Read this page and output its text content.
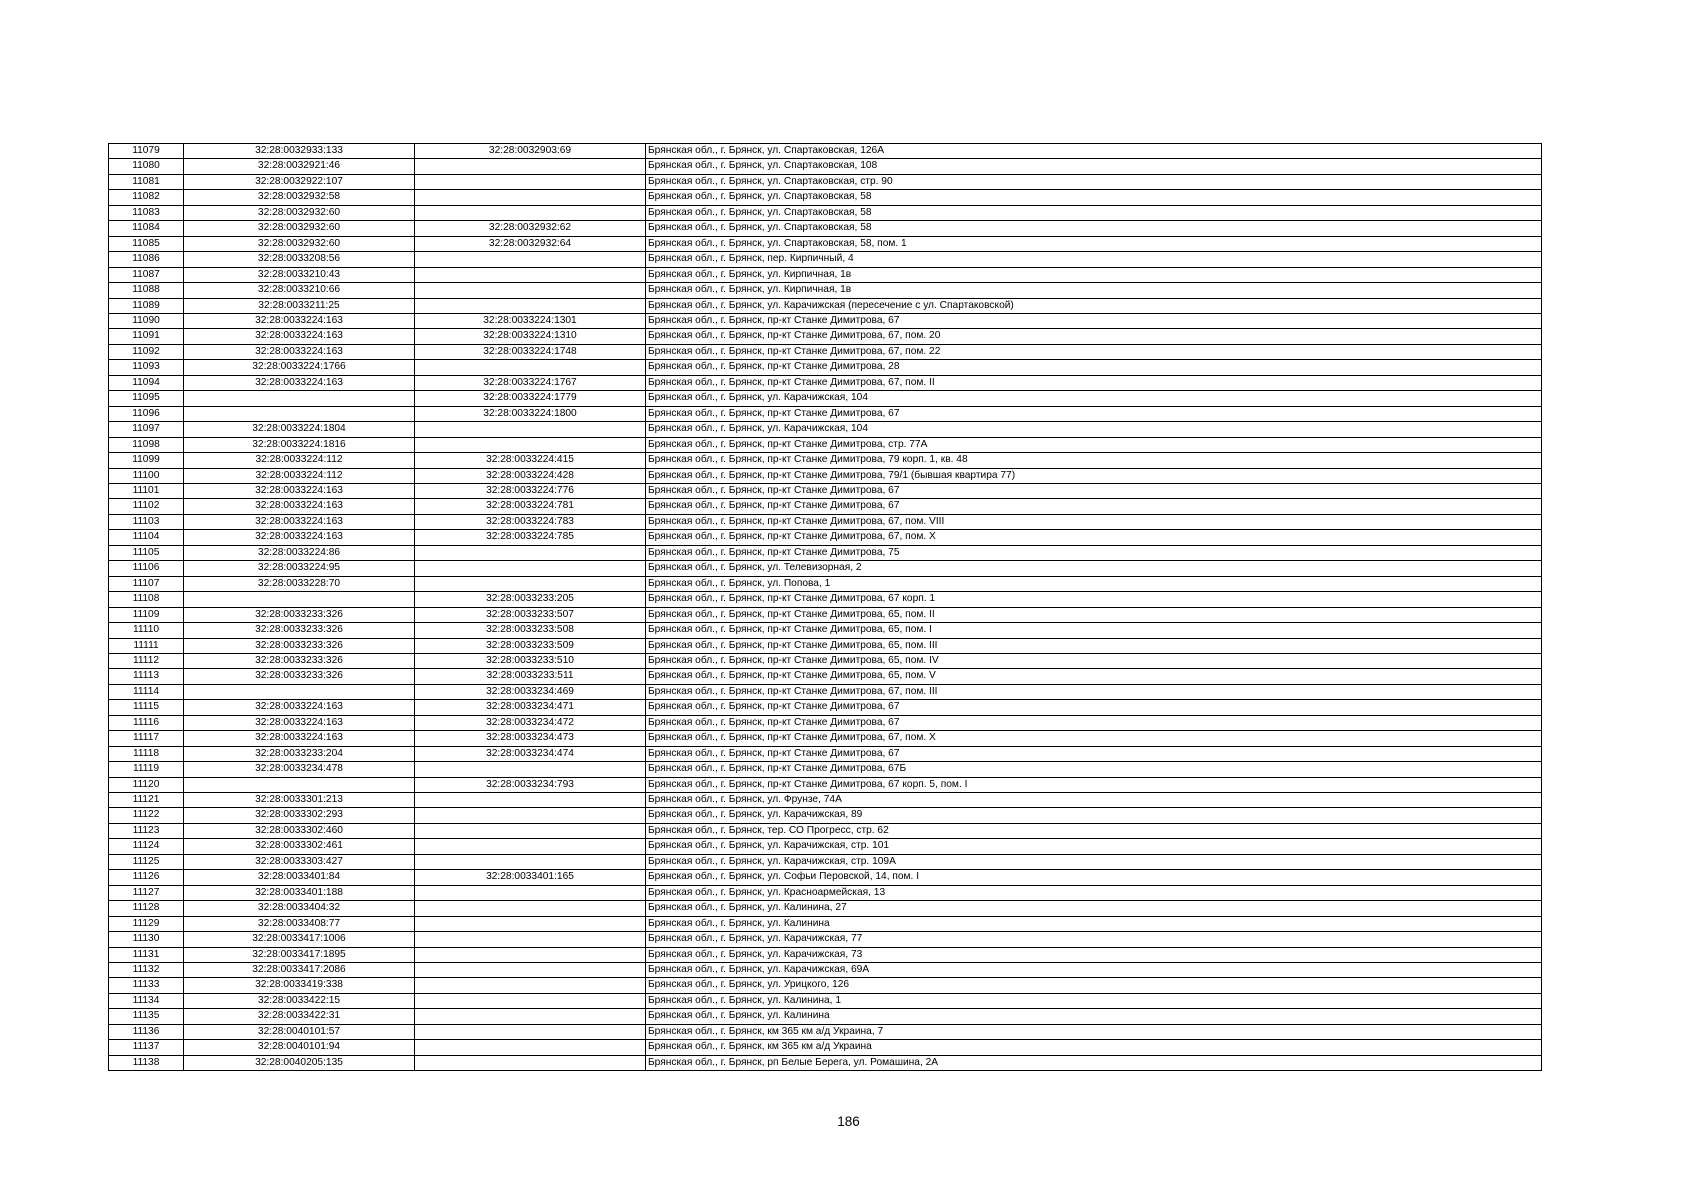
11079	32:28:0032933:133	32:28:0032903:69	Брянская обл., г. Брянск, ул. Спартаковская, 126А
11080	32:28:0032921:46		Брянская обл., г. Брянск, ул. Спартаковская, 108
11081	32:28:0032922:107		Брянская обл., г. Брянск, ул. Спартаковская, стр. 90
11082	32:28:0032932:58		Брянская обл., г. Брянск, ул. Спартаковская, 58
11083	32:28:0032932:60		Брянская обл., г. Брянск, ул. Спартаковская, 58
11084	32:28:0032932:60	32:28:0032932:62	Брянская обл., г. Брянск, ул. Спартаковская, 58
11085	32:28:0032932:60	32:28:0032932:64	Брянская обл., г. Брянск, ул. Спартаковская, 58, пом. 1
11086	32:28:0033208:56		Брянская обл., г. Брянск, пер. Кирпичный, 4
11087	32:28:0033210:43		Брянская обл., г. Брянск, ул. Кирпичная, 1в
11088	32:28:0033210:66		Брянская обл., г. Брянск, ул. Кирпичная, 1в
11089	32:28:0033211:25		Брянская обл., г. Брянск, ул. Карачижская (пересечение с ул. Спартаковской)
11090	32:28:0033224:163	32:28:0033224:1301	Брянская обл., г. Брянск, пр-кт Станке Димитрова, 67
11091	32:28:0033224:163	32:28:0033224:1310	Брянская обл., г. Брянск, пр-кт Станке Димитрова, 67, пом. 20
11092	32:28:0033224:163	32:28:0033224:1748	Брянская обл., г. Брянск, пр-кт Станке Димитрова, 67, пом. 22
11093	32:28:0033224:1766		Брянская обл., г. Брянск, пр-кт Станке Димитрова, 28
11094	32:28:0033224:163	32:28:0033224:1767	Брянская обл., г. Брянск, пр-кт Станке Димитрова, 67, пом. II
11095		32:28:0033224:1779	Брянская обл., г. Брянск, ул. Карачижская, 104
11096		32:28:0033224:1800	Брянская обл., г. Брянск, пр-кт Станке Димитрова, 67
11097	32:28:0033224:1804		Брянская обл., г. Брянск, ул. Карачижская, 104
11098	32:28:0033224:1816		Брянская обл., г. Брянск, пр-кт Станке Димитрова, стр. 77А
11099	32:28:0033224:112	32:28:0033224:415	Брянская обл., г. Брянск, пр-кт Станке Димитрова, 79 корп. 1, кв. 48
11100	32:28:0033224:112	32:28:0033224:428	Брянская обл., г. Брянск, пр-кт Станке Димитрова, 79/1 (бывшая квартира 77)
11101	32:28:0033224:163	32:28:0033224:776	Брянская обл., г. Брянск, пр-кт Станке Димитрова, 67
11102	32:28:0033224:163	32:28:0033224:781	Брянская обл., г. Брянск, пр-кт Станке Димитрова, 67
11103	32:28:0033224:163	32:28:0033224:783	Брянская обл., г. Брянск, пр-кт Станке Димитрова, 67, пом. VIII
11104	32:28:0033224:163	32:28:0033224:785	Брянская обл., г. Брянск, пр-кт Станке Димитрова, 67, пом. X
11105	32:28:0033224:86		Брянская обл., г. Брянск, пр-кт Станке Димитрова, 75
11106	32:28:0033224:95		Брянская обл., г. Брянск, ул. Телевизорная, 2
11107	32:28:0033228:70		Брянская обл., г. Брянск, ул. Попова, 1
11108		32:28:0033233:205	Брянская обл., г. Брянск, пр-кт Станке Димитрова, 67 корп. 1
11109	32:28:0033233:326	32:28:0033233:507	Брянская обл., г. Брянск, пр-кт Станке Димитрова, 65, пом. II
11110	32:28:0033233:326	32:28:0033233:508	Брянская обл., г. Брянск, пр-кт Станке Димитрова, 65, пом. I
11111	32:28:0033233:326	32:28:0033233:509	Брянская обл., г. Брянск, пр-кт Станке Димитрова, 65, пом. III
11112	32:28:0033233:326	32:28:0033233:510	Брянская обл., г. Брянск, пр-кт Станке Димитрова, 65, пом. IV
11113	32:28:0033233:326	32:28:0033233:511	Брянская обл., г. Брянск, пр-кт Станке Димитрова, 65, пом. V
11114		32:28:0033234:469	Брянская обл., г. Брянск, пр-кт Станке Димитрова, 67, пом. III
11115	32:28:0033224:163	32:28:0033234:471	Брянская обл., г. Брянск, пр-кт Станке Димитрова, 67
11116	32:28:0033224:163	32:28:0033234:472	Брянская обл., г. Брянск, пр-кт Станке Димитрова, 67
11117	32:28:0033224:163	32:28:0033234:473	Брянская обл., г. Брянск, пр-кт Станке Димитрова, 67, пом. X
11118	32:28:0033233:204	32:28:0033234:474	Брянская обл., г. Брянск, пр-кт Станке Димитрова, 67
11119	32:28:0033234:478		Брянская обл., г. Брянск, пр-кт Станке Димитрова, 67Б
11120		32:28:0033234:793	Брянская обл., г. Брянск, пр-кт Станке Димитрова, 67 корп. 5, пом. I
11121	32:28:0033301:213		Брянская обл., г. Брянск, ул. Фрунзе, 74А
11122	32:28:0033302:293		Брянская обл., г. Брянск, ул. Карачижская, 89
11123	32:28:0033302:460		Брянская обл., г. Брянск, тер. СО Прогресс, стр. 62
11124	32:28:0033302:461		Брянская обл., г. Брянск, ул. Карачижская, стр. 101
11125	32:28:0033303:427		Брянская обл., г. Брянск, ул. Карачижская, стр. 109А
11126	32:28:0033401:84	32:28:0033401:165	Брянская обл., г. Брянск, ул. Софьи Перовской, 14, пом. I
11127	32:28:0033401:188		Брянская обл., г. Брянск, ул. Красноармейская, 13
11128	32:28:0033404:32		Брянская обл., г. Брянск, ул. Калинина, 27
11129	32:28:0033408:77		Брянская обл., г. Брянск, ул. Калинина
11130	32:28:0033417:1006		Брянская обл., г. Брянск, ул. Карачижская, 77
11131	32:28:0033417:1895		Брянская обл., г. Брянск, ул. Карачижская, 73
11132	32:28:0033417:2086		Брянская обл., г. Брянск, ул. Карачижская, 69А
11133	32:28:0033419:338		Брянская обл., г. Брянск, ул. Урицкого, 126
11134	32:28:0033422:15		Брянская обл., г. Брянск, ул. Калинина, 1
11135	32:28:0033422:31		Брянская обл., г. Брянск, ул. Калинина
11136	32:28:0040101:57		Брянская обл., г. Брянск, км 365 км а/д Украина, 7
11137	32:28:0040101:94		Брянская обл., г. Брянск, км 365 км а/д Украина
11138	32:28:0040205:135		Брянская обл., г. Брянск, рп Белые Берега, ул. Ромашина, 2А
186
